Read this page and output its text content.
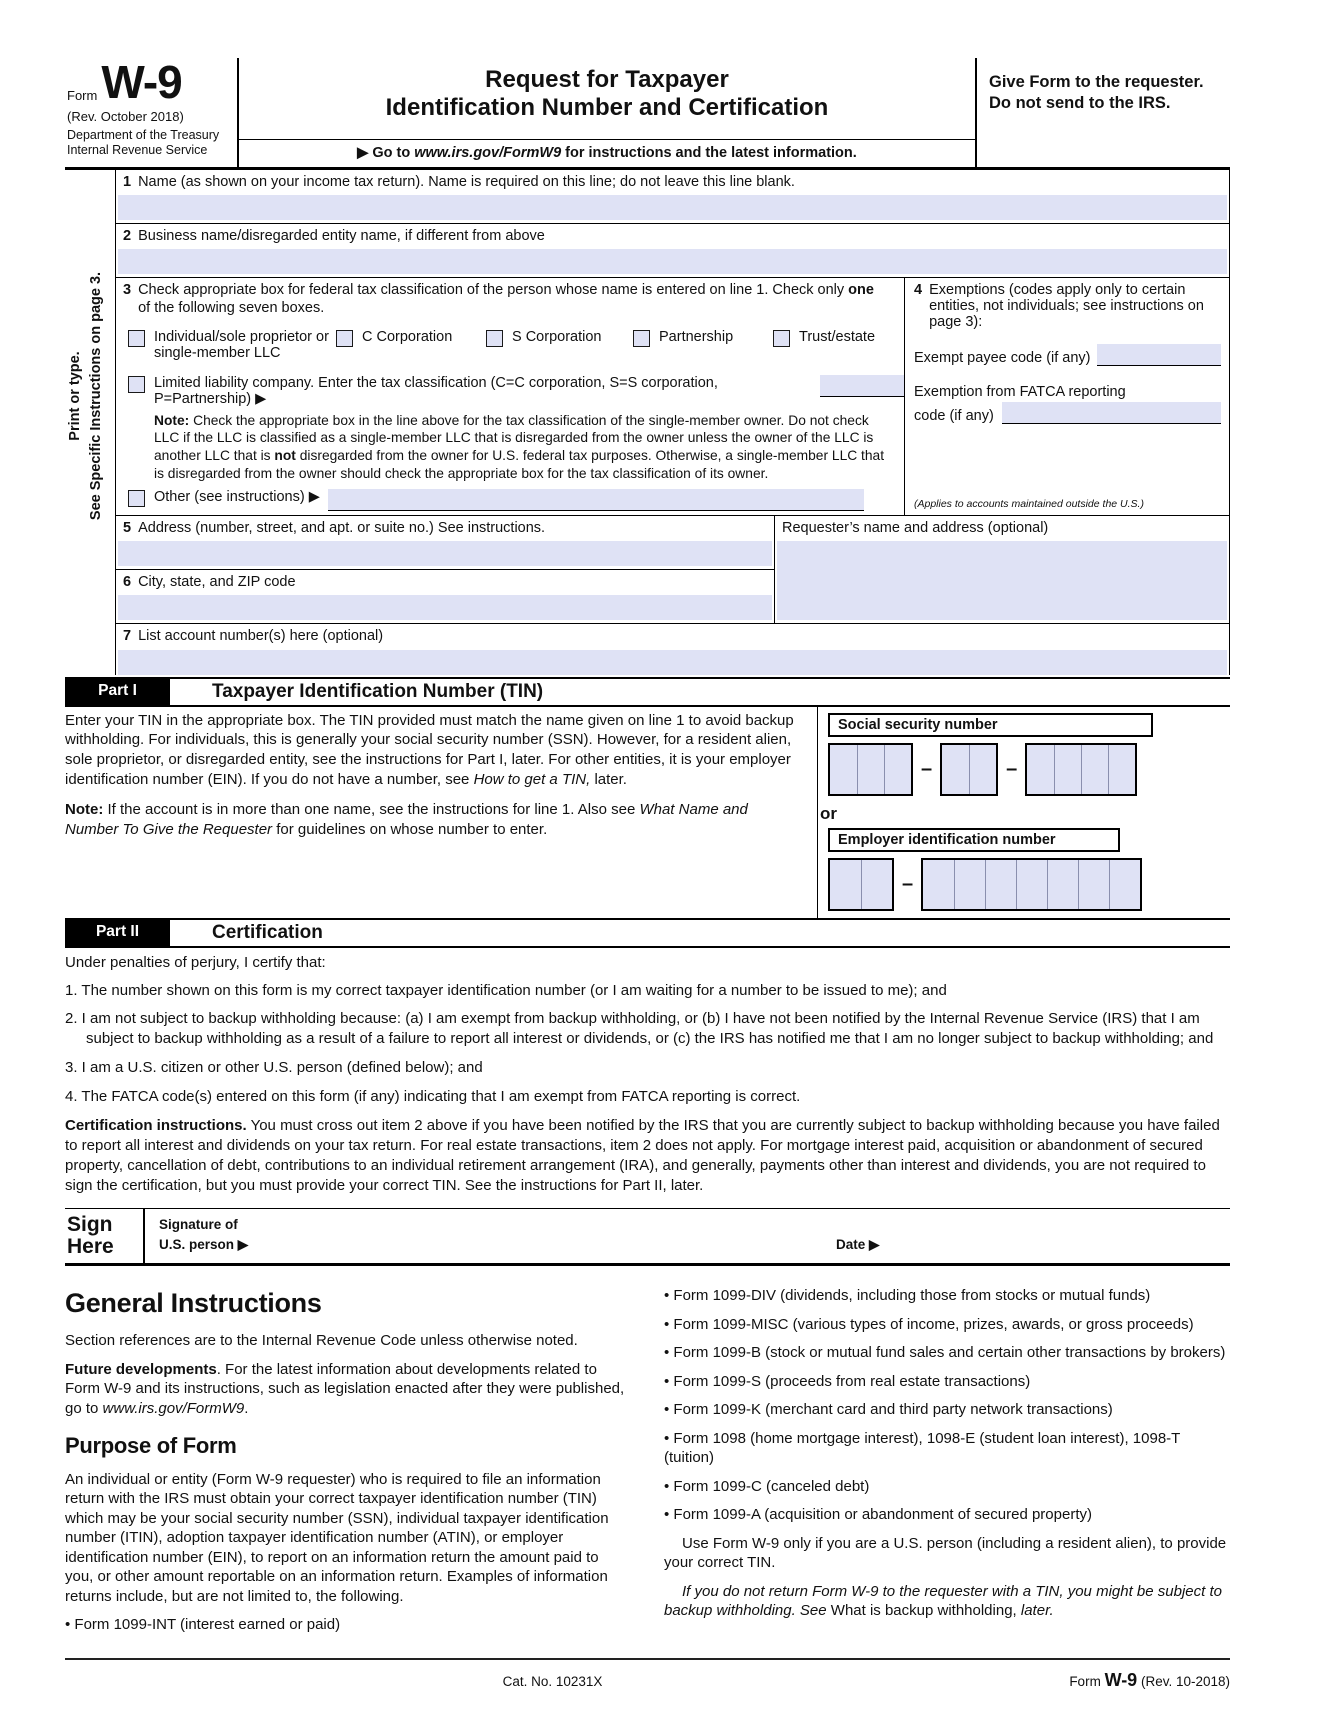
FormW-9
(Rev. October 2018)
Department of the Treasury
Internal Revenue Service
Request for Taxpayer
Identification Number and Certification
▶ Go to www.irs.gov/FormW9 for instructions and the latest information.
Give Form to the requester. Do not send to the IRS.
Print or type. See Specific Instructions on page 3.
1 Name (as shown on your income tax return). Name is required on this line; do not leave this line blank.
2 Business name/disregarded entity name, if different from above
3 Check appropriate box for federal tax classification of the person whose name is entered on line 1. Check only one of the following seven boxes.
Individual/sole proprietor or single-member LLC
C Corporation	S Corporation	Partnership	Trust/estate
Limited liability company. Enter the tax classification (C=C corporation, S=S corporation, P=Partnership) ▶
Note: Check the appropriate box in the line above for the tax classification of the single-member owner. Do not check LLC if the LLC is classified as a single-member LLC that is disregarded from the owner unless the owner of the LLC is another LLC that is not disregarded from the owner for U.S. federal tax purposes. Otherwise, a single-member LLC that is disregarded from the owner should check the appropriate box for the tax classification of its owner.
Other (see instructions) ▶
4 Exemptions (codes apply only to certain entities, not individuals; see instructions on page 3):
Exempt payee code (if any)
Exemption from FATCA reporting
code (if any)
(Applies to accounts maintained outside the U.S.)
5 Address (number, street, and apt. or suite no.) See instructions.
6 City, state, and ZIP code
Requester’s name and address (optional)
7 List account number(s) here (optional)
Part I	Taxpayer Identification Number (TIN)

Enter your TIN in the appropriate box. The TIN provided must match the name given on line 1 to avoid backup withholding. For individuals, this is generally your social security number (SSN). However, for a resident alien, sole proprietor, or disregarded entity, see the instructions for Part I, later. For other entities, it is your employer identification number (EIN). If you do not have a number, see How to get a TIN, later.

Note: If the account is in more than one name, see the instructions for line 1. Also see What Name and Number To Give the Requester for guidelines on whose number to enter.

Social security number
–	–
or
Employer identification number
–
Part II	Certification
Under penalties of perjury, I certify that:
1. The number shown on this form is my correct taxpayer identification number (or I am waiting for a number to be issued to me); and
2. I am not subject to backup withholding because: (a) I am exempt from backup withholding, or (b) I have not been notified by the Internal Revenue Service (IRS) that I am subject to backup withholding as a result of a failure to report all interest or dividends, or (c) the IRS has notified me that I am no longer subject to backup withholding; and
3. I am a U.S. citizen or other U.S. person (defined below); and
4. The FATCA code(s) entered on this form (if any) indicating that I am exempt from FATCA reporting is correct.
Certification instructions. You must cross out item 2 above if you have been notified by the IRS that you are currently subject to backup withholding because you have failed to report all interest and dividends on your tax return. For real estate transactions, item 2 does not apply. For mortgage interest paid, acquisition or abandonment of secured property, cancellation of debt, contributions to an individual retirement arrangement (IRA), and generally, payments other than interest and dividends, you are not required to sign the certification, but you must provide your correct TIN. See the instructions for Part II, later.
Sign
Here
Signature of
U.S. person ▶	Date ▶
General Instructions

Section references are to the Internal Revenue Code unless otherwise noted.

Future developments. For the latest information about developments related to Form W-9 and its instructions, such as legislation enacted after they were published, go to www.irs.gov/FormW9.

Purpose of Form

An individual or entity (Form W-9 requester) who is required to file an information return with the IRS must obtain your correct taxpayer identification number (TIN) which may be your social security number (SSN), individual taxpayer identification number (ITIN), adoption taxpayer identification number (ATIN), or employer identification number (EIN), to report on an information return the amount paid to you, or other amount reportable on an information return. Examples of information returns include, but are not limited to, the following.

• Form 1099-INT (interest earned or paid)

• Form 1099-DIV (dividends, including those from stocks or mutual funds)

• Form 1099-MISC (various types of income, prizes, awards, or gross proceeds)

• Form 1099-B (stock or mutual fund sales and certain other transactions by brokers)

• Form 1099-S (proceeds from real estate transactions)

• Form 1099-K (merchant card and third party network transactions)

• Form 1098 (home mortgage interest), 1098-E (student loan interest), 1098-T (tuition)

• Form 1099-C (canceled debt)

• Form 1099-A (acquisition or abandonment of secured property)

Use Form W-9 only if you are a U.S. person (including a resident alien), to provide your correct TIN.

If you do not return Form W-9 to the requester with a TIN, you might be subject to backup withholding. See What is backup withholding, later.

Cat. No. 10231X	Form W-9 (Rev. 10-2018)
